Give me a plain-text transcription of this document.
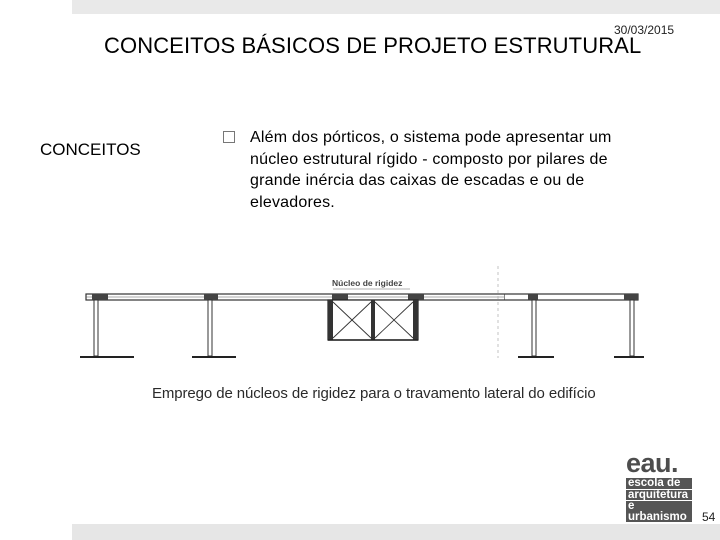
30/03/2015
CONCEITOS BÁSICOS DE PROJETO ESTRUTURAL
CONCEITOS
Além dos pórticos, o sistema pode apresentar um núcleo estrutural rígido - composto por pilares de grande inércia das caixas de escadas e ou de elevadores.
Núcleo de rigidez
Emprego de núcleos de rigidez para o travamento lateral do edifício
eau.
escola de
arquitetura
e urbanismo	54
